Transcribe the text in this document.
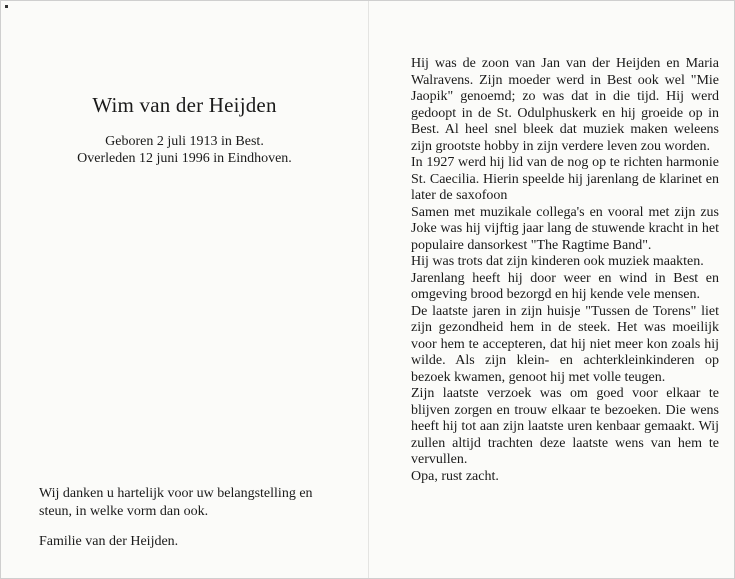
Wim van der Heijden
Geboren 2 juli 1913 in Best.
Overleden 12 juni 1996 in Eindhoven.
Wij danken u hartelijk voor uw belangstelling en steun, in welke vorm dan ook.
Familie van der Heijden.

Hij was de zoon van Jan van der Heijden en Maria Walravens. Zijn moeder werd in Best ook wel "Mie Jaopik" genoemd; zo was dat in die tijd. Hij werd gedoopt in de St. Odulphuskerk en hij groeide op in Best. Al heel snel bleek dat muziek maken weleens zijn grootste hobby in zijn verdere leven zou worden.

In 1927 werd hij lid van de nog op te richten harmonie St. Caecilia. Hierin speelde hij jarenlang de klarinet en later de saxofoon

Samen met muzikale collega's en vooral met zijn zus Joke was hij vijftig jaar lang de stuwende kracht in het populaire dansorkest "The Ragtime Band".

Hij was trots dat zijn kinderen ook muziek maakten.

Jarenlang heeft hij door weer en wind in Best en omgeving brood bezorgd en hij kende vele mensen.

De laatste jaren in zijn huisje "Tussen de Torens" liet zijn gezondheid hem in de steek. Het was moeilijk voor hem te accepteren, dat hij niet meer kon zoals hij wilde. Als zijn klein- en achterkleinkinderen op bezoek kwamen, genoot hij met volle teugen.

Zijn laatste verzoek was om goed voor elkaar te blijven zorgen en trouw elkaar te bezoeken. Die wens heeft hij tot aan zijn laatste uren kenbaar gemaakt. Wij zullen altijd trachten deze laatste wens van hem te vervullen.

Opa, rust zacht.
